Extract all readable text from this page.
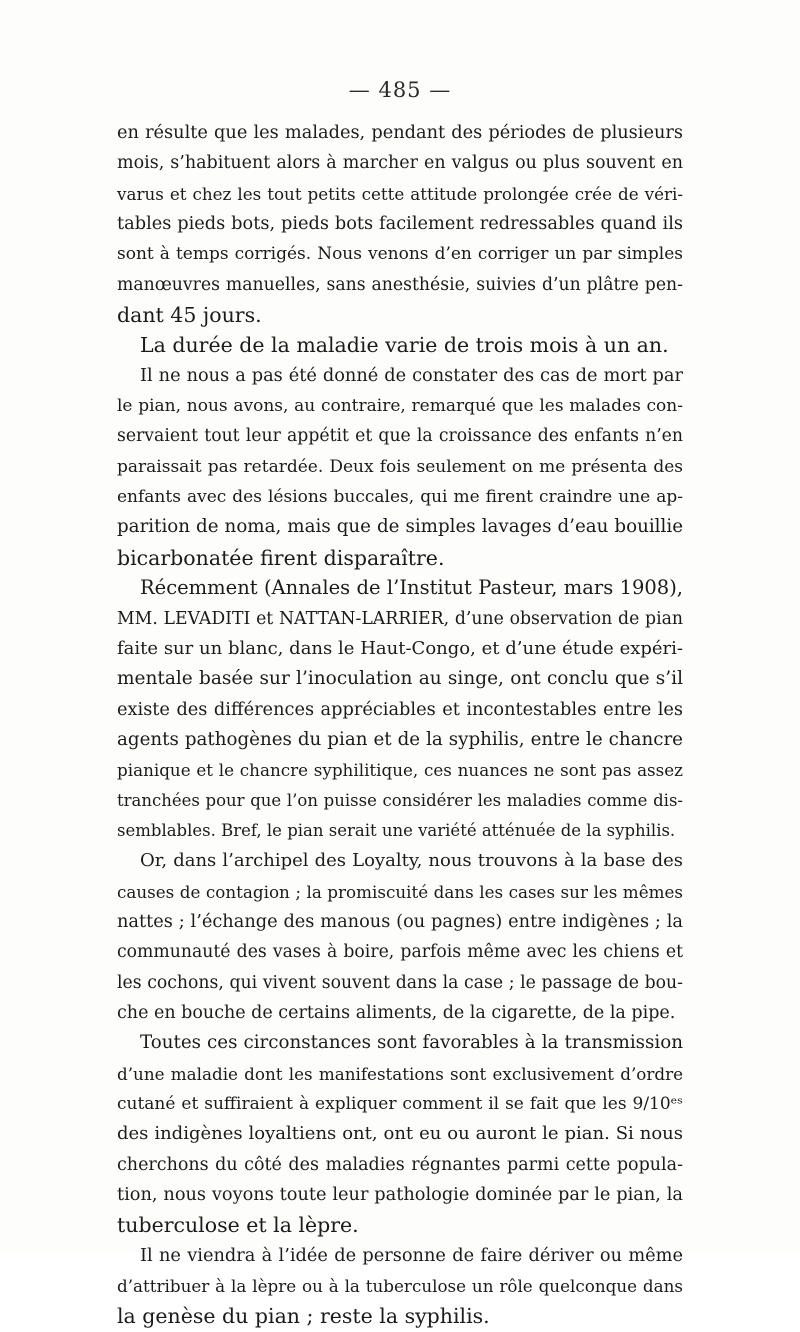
— 485 —
en résulte que les malades, pendant des périodes de plusieurs
mois, s’habituent alors à marcher en valgus ou plus souvent en
varus et chez les tout petits cette attitude prolongée crée de véri-
tables pieds bots, pieds bots facilement redressables quand ils
sont à temps corrigés. Nous venons d’en corriger un par simples
manœuvres manuelles, sans anesthésie, suivies d’un plâtre pen-
dant 45 jours.
La durée de la maladie varie de trois mois à un an.
Il ne nous a pas été donné de constater des cas de mort par
le pian, nous avons, au contraire, remarqué que les malades con-
servaient tout leur appétit et que la croissance des enfants n’en
paraissait pas retardée. Deux fois seulement on me présenta des
enfants avec des lésions buccales, qui me firent craindre une ap-
parition de noma, mais que de simples lavages d’eau bouillie
bicarbonatée firent disparaître.
Récemment (Annales de l’Institut Pasteur, mars 1908),
MM. LEVADITI et NATTAN-LARRIER, d’une observation de pian
faite sur un blanc, dans le Haut-Congo, et d’une étude expéri-
mentale basée sur l’inoculation au singe, ont conclu que s’il
existe des différences appréciables et incontestables entre les
agents pathogènes du pian et de la syphilis, entre le chancre
pianique et le chancre syphilitique, ces nuances ne sont pas assez
tranchées pour que l’on puisse considérer les maladies comme dis-
semblables. Bref, le pian serait une variété atténuée de la syphilis.
Or, dans l’archipel des Loyalty, nous trouvons à la base des
causes de contagion ; la promiscuité dans les cases sur les mêmes
nattes ; l’échange des manous (ou pagnes) entre indigènes ; la
communauté des vases à boire, parfois même avec les chiens et
les cochons, qui vivent souvent dans la case ; le passage de bou-
che en bouche de certains aliments, de la cigarette, de la pipe.
Toutes ces circonstances sont favorables à la transmission
d’une maladie dont les manifestations sont exclusivement d’ordre
cutané et suffiraient à expliquer comment il se fait que les 9/10ᵉˢ
des indigènes loyaltiens ont, ont eu ou auront le pian. Si nous
cherchons du côté des maladies régnantes parmi cette popula-
tion, nous voyons toute leur pathologie dominée par le pian, la
tuberculose et la lèpre.
Il ne viendra à l’idée de personne de faire dériver ou même
d’attribuer à la lèpre ou à la tuberculose un rôle quelconque dans
la genèse du pian ; reste la syphilis.
